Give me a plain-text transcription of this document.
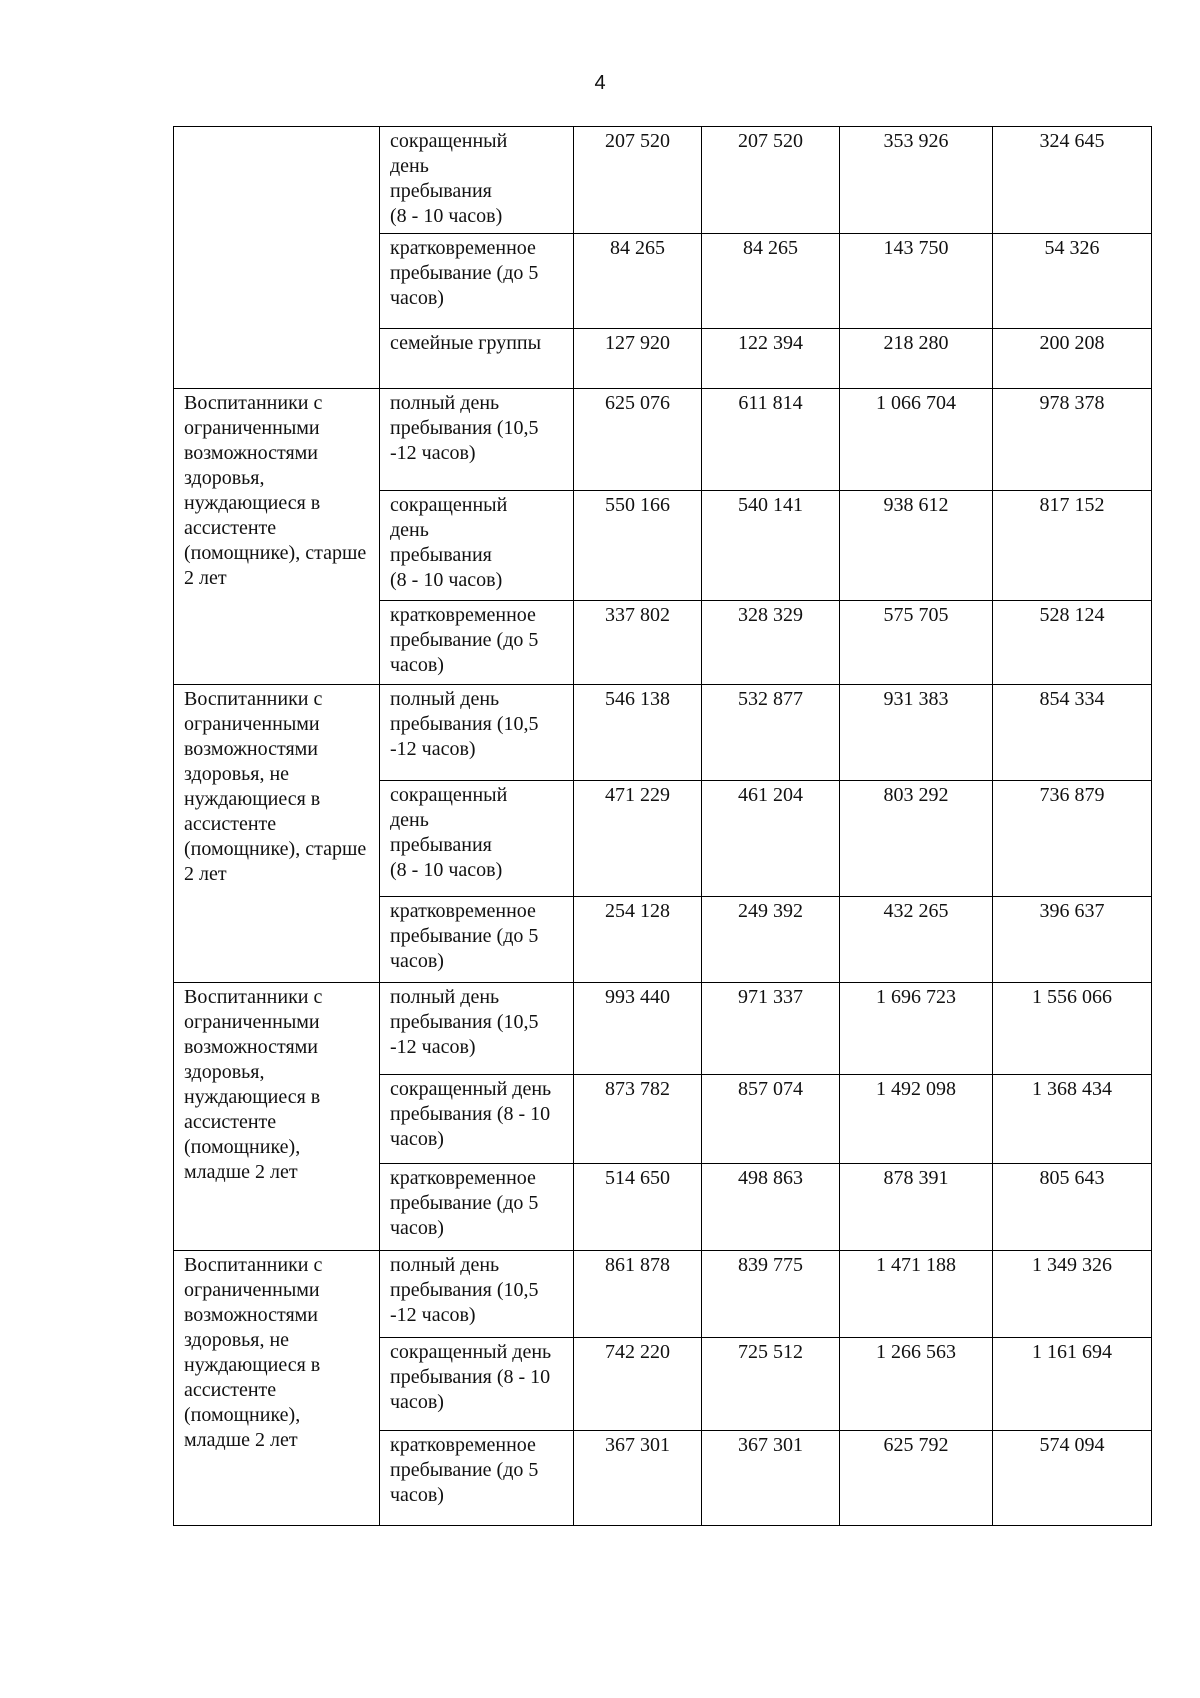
4
	сокращенный
день
пребывания
(8 - 10 часов)	207 520	207 520	353 926	324 645
	кратковременное пребывание (до 5 часов)	84 265	84 265	143 750	54 326
	семейные группы	127 920	122 394	218 280	200 208
Воспитанники с ограниченными возможностями здоровья, нуждающиеся в ассистенте (помощнике), старше 2 лет	полный день пребывания (10,5 -12 часов)	625 076	611 814	1 066 704	978 378
	сокращенный
день
пребывания
(8 - 10 часов)	550 166	540 141	938 612	817 152
	кратковременное пребывание (до 5 часов)	337 802	328 329	575 705	528 124
Воспитанники с ограниченными возможностями здоровья, не нуждающиеся в ассистенте (помощнике), старше 2 лет	полный день пребывания (10,5 -12 часов)	546 138	532 877	931 383	854 334
	сокращенный
день
пребывания
(8 - 10 часов)	471 229	461 204	803 292	736 879
	кратковременное пребывание (до 5 часов)	254 128	249 392	432 265	396 637
Воспитанники с ограниченными возможностями здоровья, нуждающиеся в ассистенте (помощнике), младше 2 лет	полный день пребывания (10,5 -12 часов)	993 440	971 337	1 696 723	1 556 066
	сокращенный день пребывания (8 - 10 часов)	873 782	857 074	1 492 098	1 368 434
	кратковременное пребывание (до 5 часов)	514 650	498 863	878 391	805 643
Воспитанники с ограниченными возможностями здоровья, не нуждающиеся в ассистенте (помощнике), младше 2 лет	полный день пребывания (10,5 -12 часов)	861 878	839 775	1 471 188	1 349 326
	сокращенный день пребывания (8 - 10 часов)	742 220	725 512	1 266 563	1 161 694
	кратковременное пребывание (до 5 часов)	367 301	367 301	625 792	574 094
